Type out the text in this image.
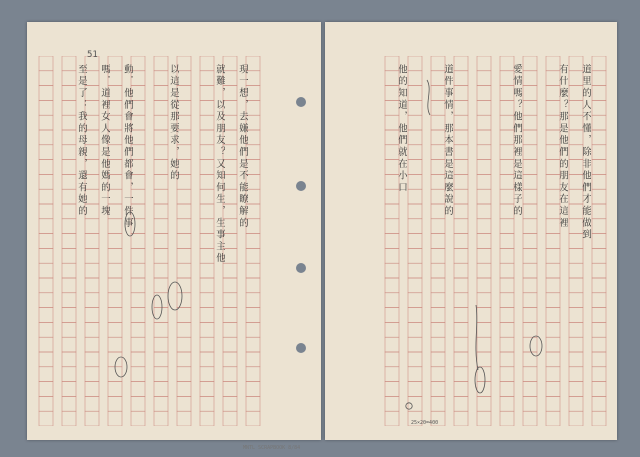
51
MNTL SCRAPBOOK 8/84
現一想，去嫌他們是不能瞭解的
就難，以及朋友？又知何生，生事主他
以這是從那要求，她的
動．他們會將他們都會，一件事
嗎．道裡女人像是他媽的一塊
至是了：我的母親，還有她的
25×20=400
道里的人不懂，除非他們才能做到
有什麼？那是他們的朋友在這裡
愛情嗎？他們那裡是這樣子的
道件事情，那本書是這麼說的
他的知道，他們就在小口
